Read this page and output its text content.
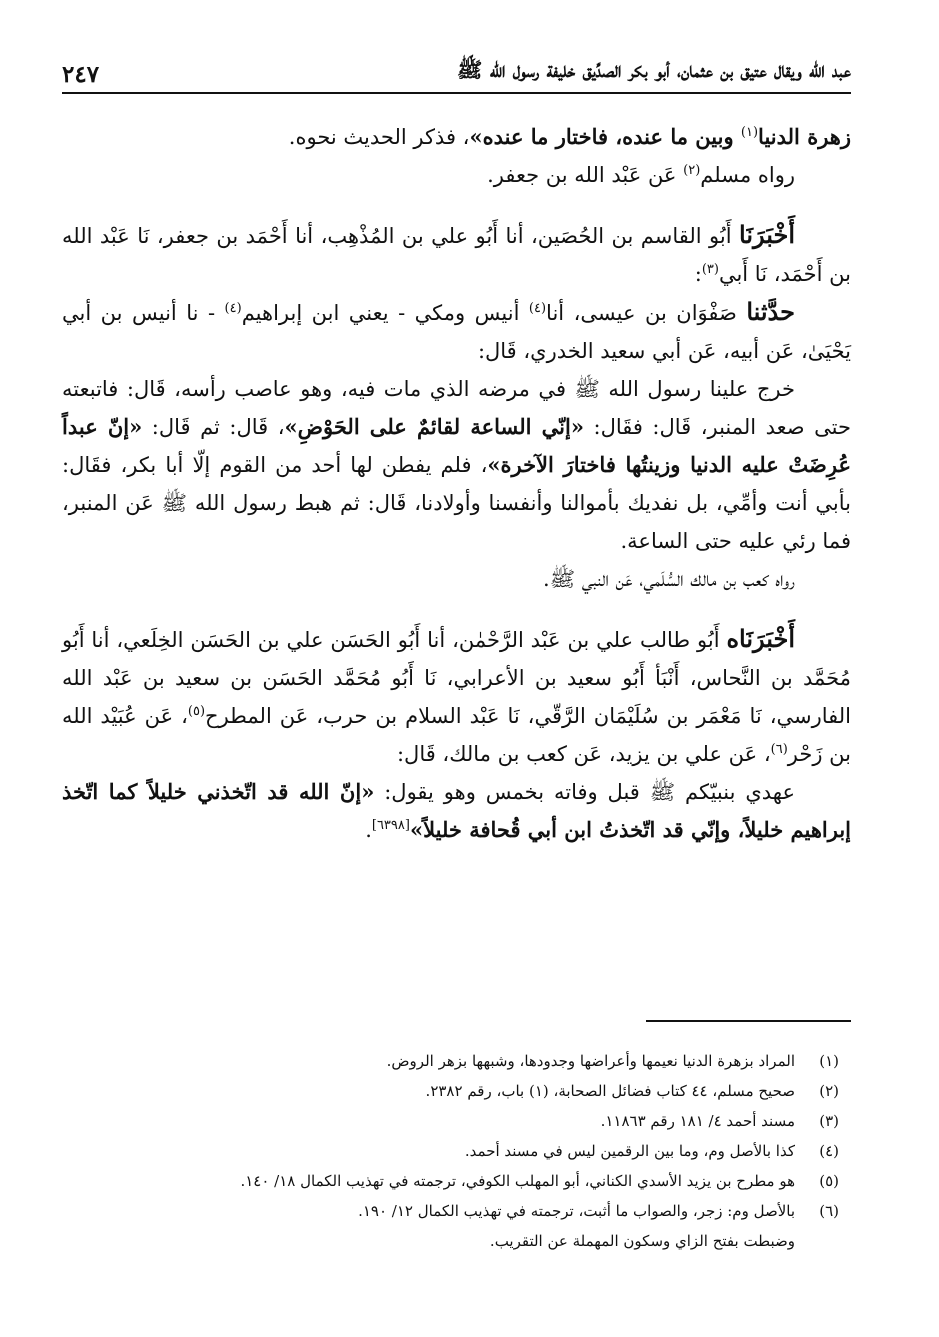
عبد الله ويقال عتيق بن عثمان، أبو بكر الصدِّيق خليفة رسول الله ﷺ
٢٤٧

زهرة الدنيا$^{(١)}$ وبين ما عنده، فاختار ما عنده»، فذكر الحديث نحوه.

رواه مسلم$^{(٢)}$ عَن عَبْد الله بن جعفر.

أَخْبَرَنَا أَبُو القاسم بن الحُصَين، أنا أَبُو علي بن المُذْهِب، أنا أَحْمَد بن جعفر، نَا عَبْد الله بن أَحْمَد، نَا أَبي$^{(٣)}$:

حدَّثنا صَفْوَان بن عيسى، أنا$^{(٤)}$ أنيس ومكي - يعني ابن إبراهيم$^{(٤)}$ - نا أنيس بن أبي يَحْيَىٰ، عَن أبيه، عَن أبي سعيد الخدري، قَال:

خرج علينا رسول الله ﷺ في مرضه الذي مات فيه، وهو عاصب رأسه، قَال: فاتبعته حتى صعد المنبر، قَال: فقَال: «إنّي الساعة لقائمٌ على الحَوْضِ»، قَال: ثم قَال: «إنّ عبداً عُرِضَتْ عليه الدنيا وزينتُها فاختارَ الآخرة»، فلم يفطن لها أحد من القوم إلّا أبا بكر، فقَال: بأبي أنت وأمِّي، بل نفديك بأموالنا وأنفسنا وأولادنا، قَال: ثم هبط رسول الله ﷺ عَن المنبر، فما رئي عليه حتى الساعة.

رواه كعب بن مالك السُّلَمي، عَن النبي ﷺ.

أَخْبَرَنَاه أَبُو طالب علي بن عَبْد الرَّحْمٰن، أنا أَبُو الحَسَن علي بن الحَسَن الخِلَعي، أنا أَبُو مُحَمَّد بن النَّحاس، أَنْبَأ أَبُو سعيد بن الأعرابي، نَا أَبُو مُحَمَّد الحَسَن بن سعيد بن عَبْد الله الفارسي، نَا مَعْمَر بن سُلَيْمَان الرَّقّي، نَا عَبْد السلام بن حرب، عَن المطرح$^{(٥)}$، عَن عُبَيْد الله بن زَحْر$^{(٦)}$، عَن علي بن يزيد، عَن كعب بن مالك، قَال:

عهدي بنبيّكم ﷺ قبل وفاته بخمس وهو يقول: «إنّ الله قد اتّخذني خليلاً كما اتّخذ إبراهيم خليلاً، وإنّي قد اتّخذتُ ابن أبي قُحافة خليلاً»[٦٣٩٨].

(١)
المراد بزهرة الدنيا نعيمها وأعراضها وجدودها، وشبهها بزهر الروض.
(٢)
صحيح مسلم، ٤٤ كتاب فضائل الصحابة، (١) باب، رقم ٢٣٨٢.
(٣)
مسند أحمد ٤/ ١٨١ رقم ١١٨٦٣.
(٤)
كذا بالأصل وم، وما بين الرقمين ليس في مسند أحمد.
(٥)
هو مطرح بن يزيد الأسدي الكناني، أبو المهلب الكوفي، ترجمته في تهذيب الكمال ١٨/ ١٤٠.
(٦)
بالأصل وم: زجر، والصواب ما أثبت، ترجمته في تهذيب الكمال ١٢/ ١٩٠.
وضبطت بفتح الزاي وسكون المهملة عن التقريب.
